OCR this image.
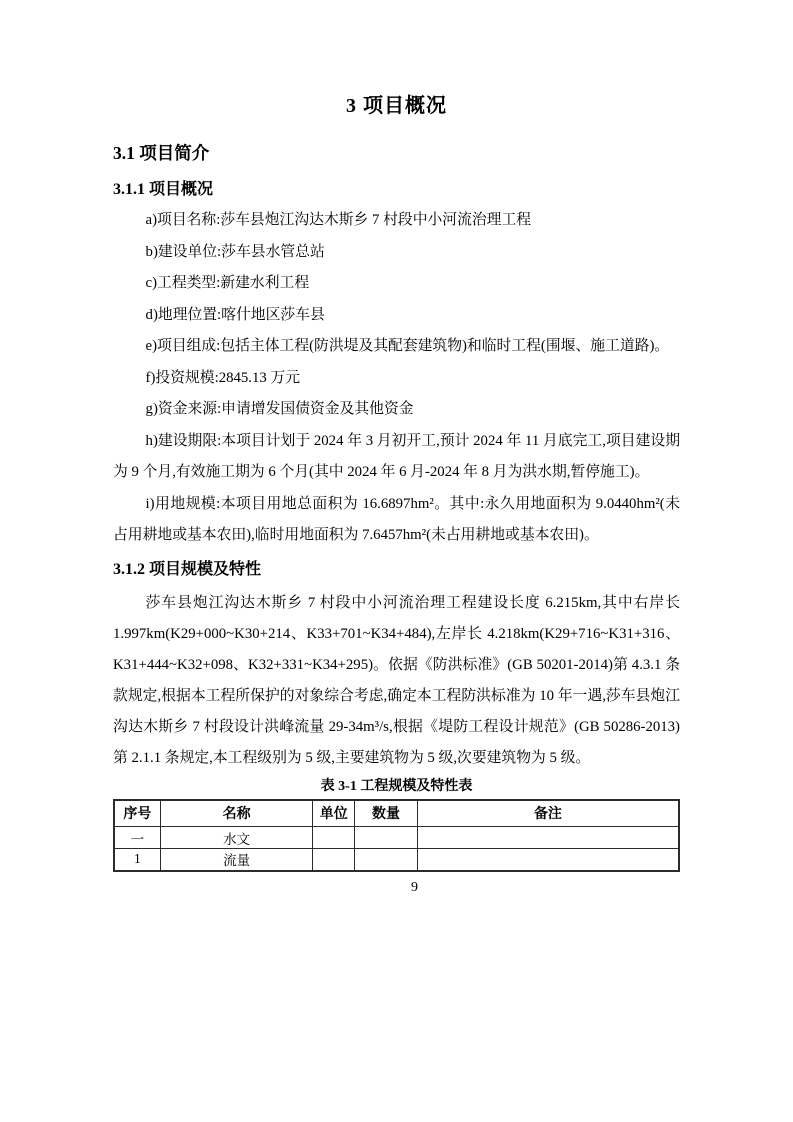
3 项目概况
3.1 项目简介
3.1.1 项目概况

a)项目名称:莎车县炮江沟达木斯乡 7 村段中小河流治理工程

b)建设单位:莎车县水管总站

c)工程类型:新建水利工程

d)地理位置:喀什地区莎车县

e)项目组成:包括主体工程(防洪堤及其配套建筑物)和临时工程(围堰、施工道路)。

f)投资规模:2845.13 万元

g)资金来源:申请增发国债资金及其他资金

h)建设期限:本项目计划于 2024 年 3 月初开工,预计 2024 年 11 月底完工,项目建设期为 9 个月,有效施工期为 6 个月(其中 2024 年 6 月-2024 年 8 月为洪水期,暂停施工)。

i)用地规模:本项目用地总面积为 16.6897hm²。其中:永久用地面积为 9.0440hm²(未占用耕地或基本农田),临时用地面积为 7.6457hm²(未占用耕地或基本农田)。

3.1.2 项目规模及特性

莎车县炮江沟达木斯乡 7 村段中小河流治理工程建设长度 6.215km,其中右岸长 1.997km(K29+000~K30+214、K33+701~K34+484),左岸长 4.218km(K29+716~K31+316、K31+444~K32+098、K32+331~K34+295)。依据《防洪标准》(GB 50201-2014)第 4.3.1 条款规定,根据本工程所保护的对象综合考虑,确定本工程防洪标准为 10 年一遇,莎车县炮江沟达木斯乡 7 村段设计洪峰流量 29-34m³/s,根据《堤防工程设计规范》(GB 50286-2013)第 2.1.1 条规定,本工程级别为 5 级,主要建筑物为 5 级,次要建筑物为 5 级。

表 3-1 工程规模及特性表
序号	名称	单位	数量	备注
一	水文			
1	流量			
9
